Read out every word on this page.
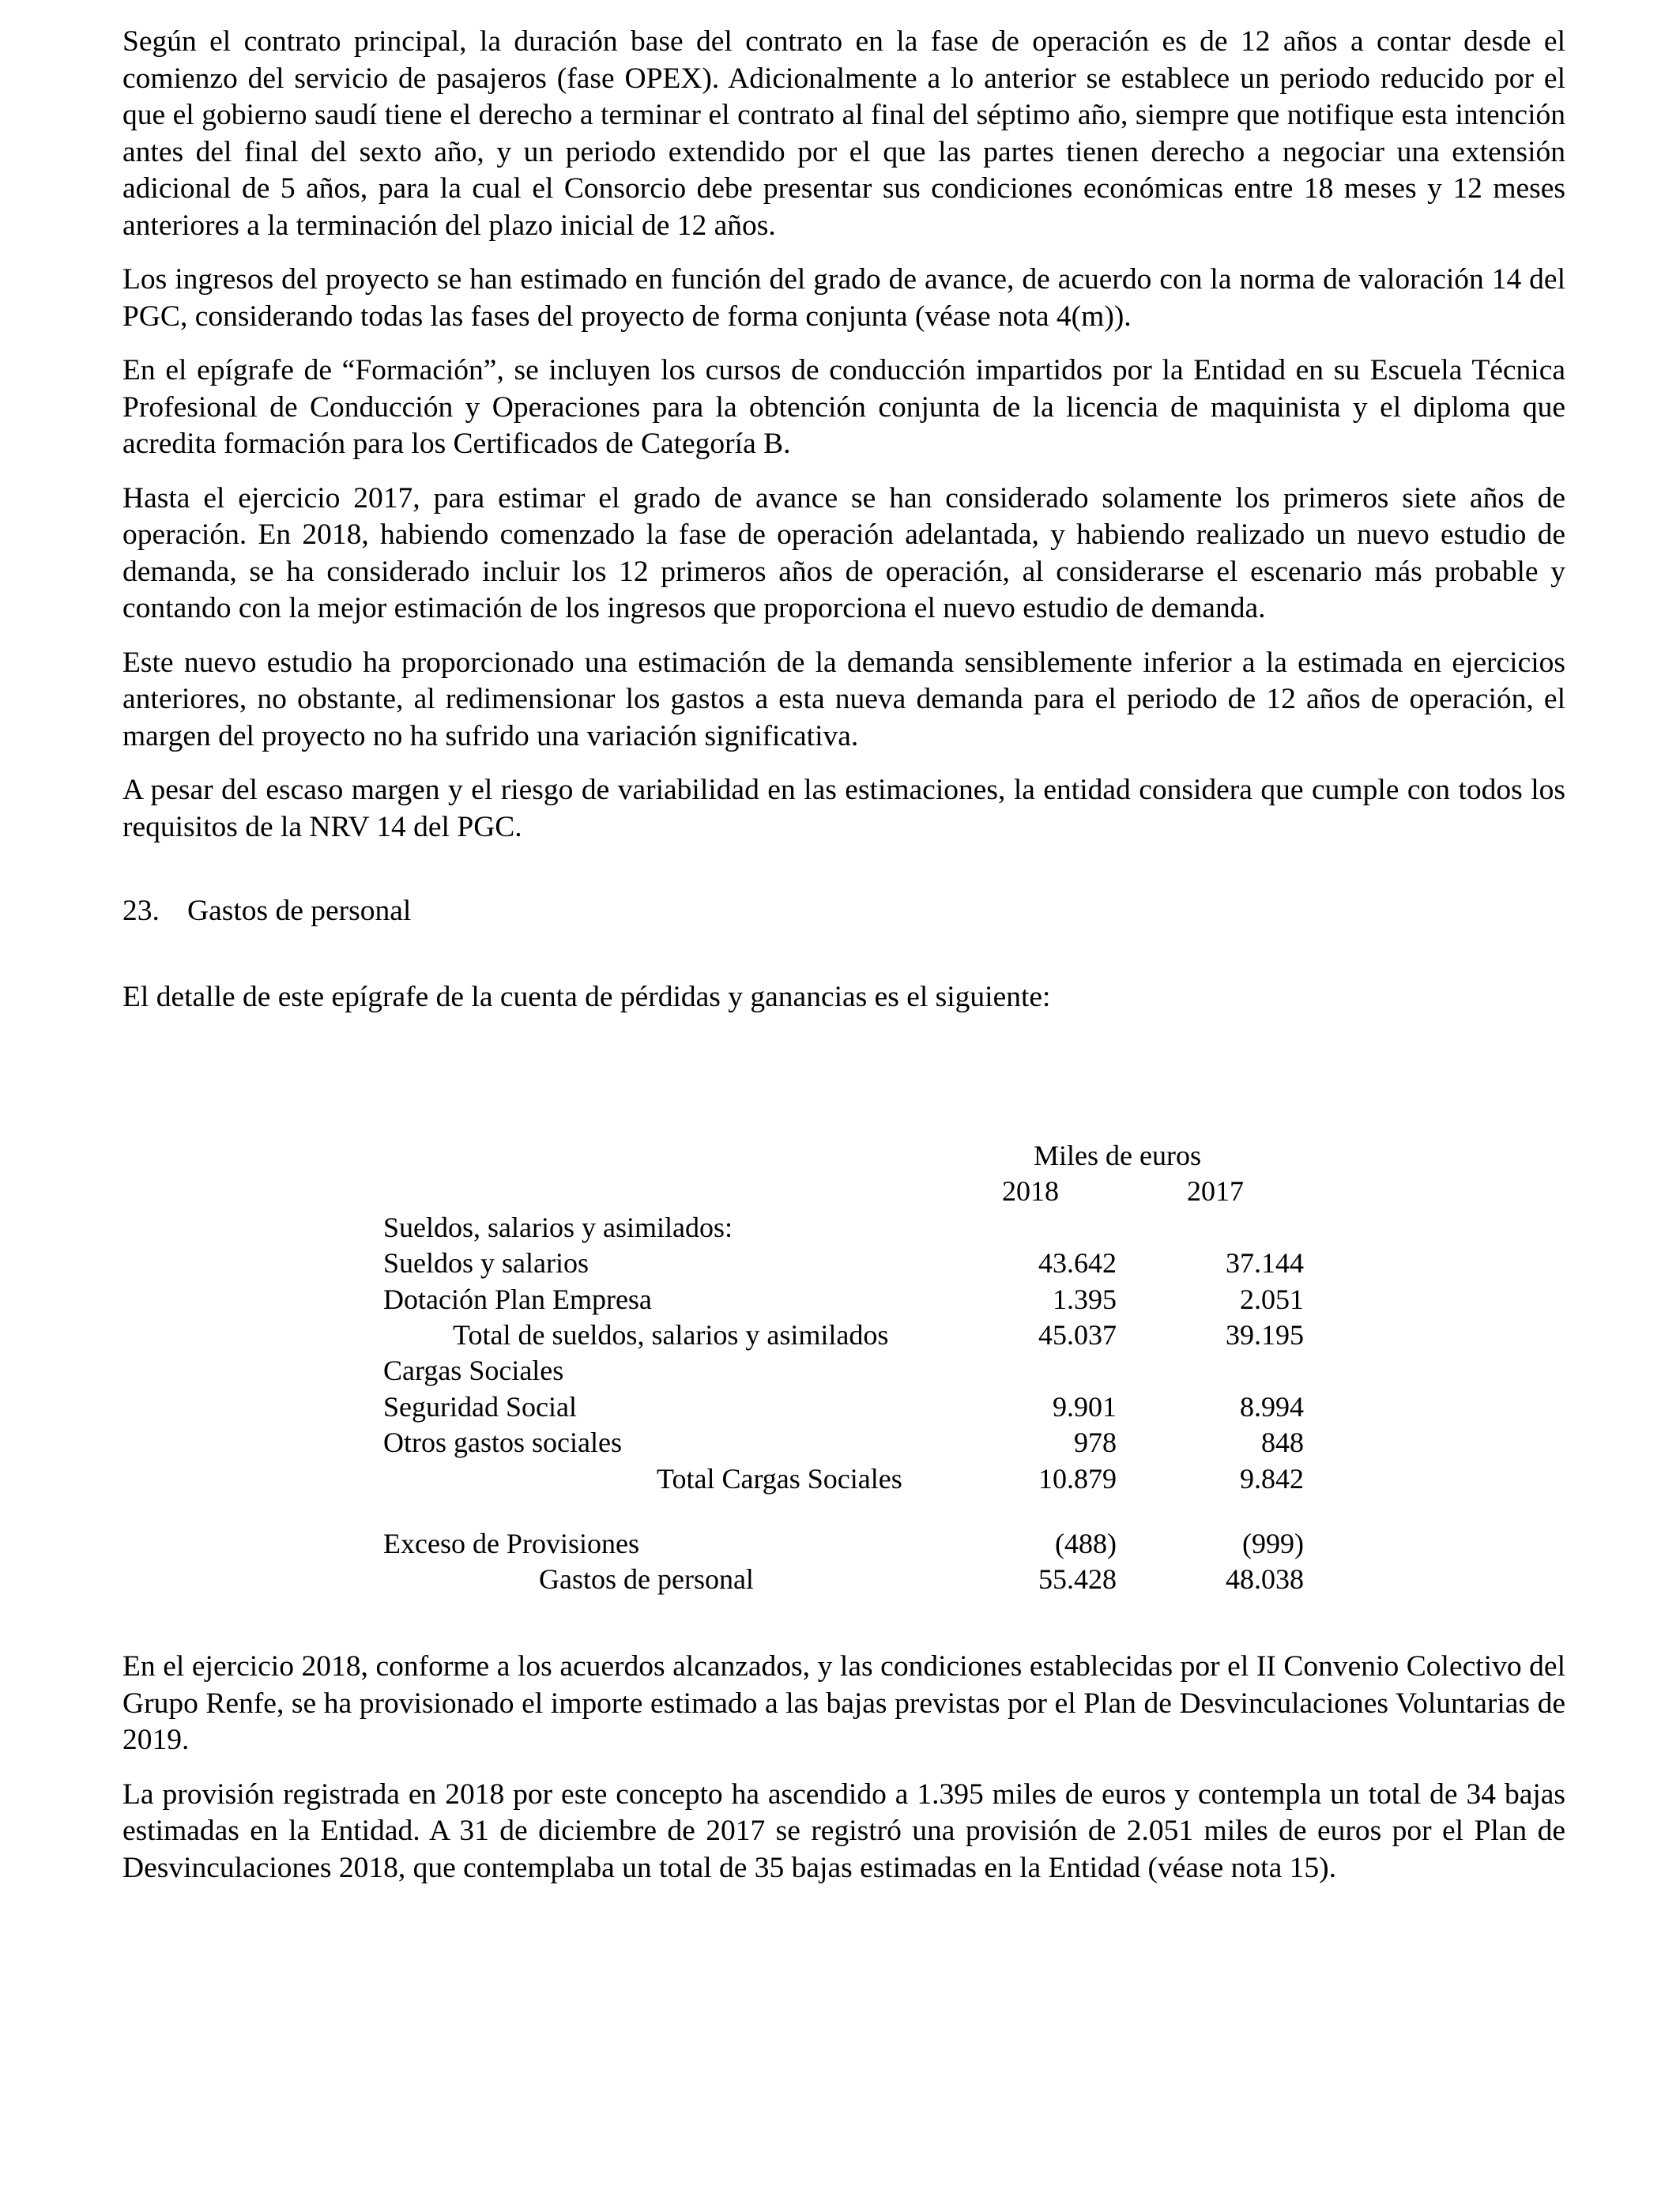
Según el contrato principal, la duración base del contrato en la fase de operación es de 12 años a contar desde el comienzo del servicio de pasajeros (fase OPEX). Adicionalmente a lo anterior se establece un periodo reducido por el que el gobierno saudí tiene el derecho a terminar el contrato al final del séptimo año, siempre que notifique esta intención antes del final del sexto año, y un periodo extendido por el que las partes tienen derecho a negociar una extensión adicional de 5 años, para la cual el Consorcio debe presentar sus condiciones económicas entre 18 meses y 12 meses anteriores a la terminación del plazo inicial de 12 años.

Los ingresos del proyecto se han estimado en función del grado de avance, de acuerdo con la norma de valoración 14 del PGC, considerando todas las fases del proyecto de forma conjunta (véase nota 4(m)).

En el epígrafe de “Formación”, se incluyen los cursos de conducción impartidos por la Entidad en su Escuela Técnica Profesional de Conducción y Operaciones para la obtención conjunta de la licencia de maquinista y el diploma que acredita formación para los Certificados de Categoría B.

Hasta el ejercicio 2017, para estimar el grado de avance se han considerado solamente los primeros siete años de operación. En 2018, habiendo comenzado la fase de operación adelantada, y habiendo realizado un nuevo estudio de demanda, se ha considerado incluir los 12 primeros años de operación, al considerarse el escenario más probable y contando con la mejor estimación de los ingresos que proporciona el nuevo estudio de demanda.

Este nuevo estudio ha proporcionado una estimación de la demanda sensiblemente inferior a la estimada en ejercicios anteriores, no obstante, al redimensionar los gastos a esta nueva demanda para el periodo de 12 años de operación, el margen del proyecto no ha sufrido una variación significativa.

A pesar del escaso margen y el riesgo de variabilidad en las estimaciones, la entidad considera que cumple con todos los requisitos de la NRV 14 del PGC.

23. Gastos de personal
El detalle de este epígrafe de la cuenta de pérdidas y ganancias es el siguiente:
Miles de euros
2018	2017
Sueldos, salarios y asimilados:
Sueldos y salarios	43.642	37.144
Dotación Plan Empresa	1.395	2.051
Total de sueldos, salarios y asimilados	45.037	39.195
Cargas Sociales
Seguridad Social	9.901	8.994
Otros gastos sociales	978	848
Total Cargas Sociales	10.879	9.842
Exceso de Provisiones	(488)	(999)
Gastos de personal	55.428	48.038

En el ejercicio 2018, conforme a los acuerdos alcanzados, y las condiciones establecidas por el II Convenio Colectivo del Grupo Renfe, se ha provisionado el importe estimado a las bajas previstas por el Plan de Desvinculaciones Voluntarias de 2019.

La provisión registrada en 2018 por este concepto ha ascendido a 1.395 miles de euros y contempla un total de 34 bajas estimadas en la Entidad. A 31 de diciembre de 2017 se registró una provisión de 2.051 miles de euros por el Plan de Desvinculaciones 2018, que contemplaba un total de 35 bajas estimadas en la Entidad (véase nota 15).
